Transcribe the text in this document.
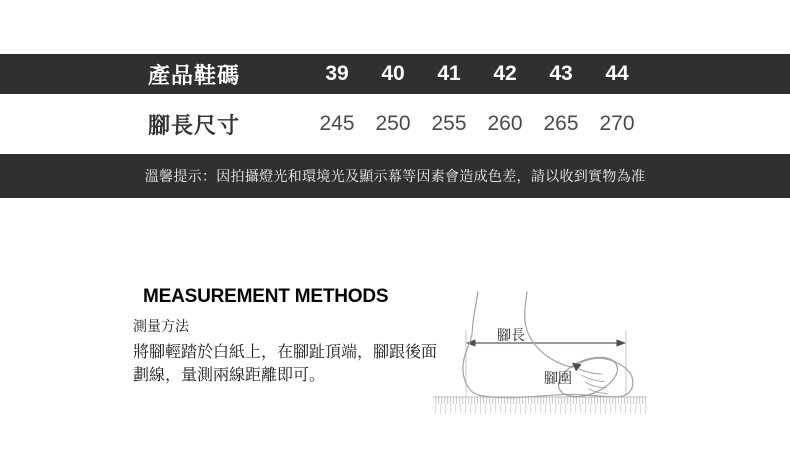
產品鞋碼	39	40	41	42	43	44
腳長尺寸	245 250 255 260 265 270
溫馨提示：因拍攝燈光和環境光及顯示幕等因素會造成色差，請以收到實物為准
MEASUREMENT METHODS
測量方法
將腳輕踏於白紙上，在腳趾頂端，腳跟後面
劃線，量測兩線距離即可。
腳長
腳圍
